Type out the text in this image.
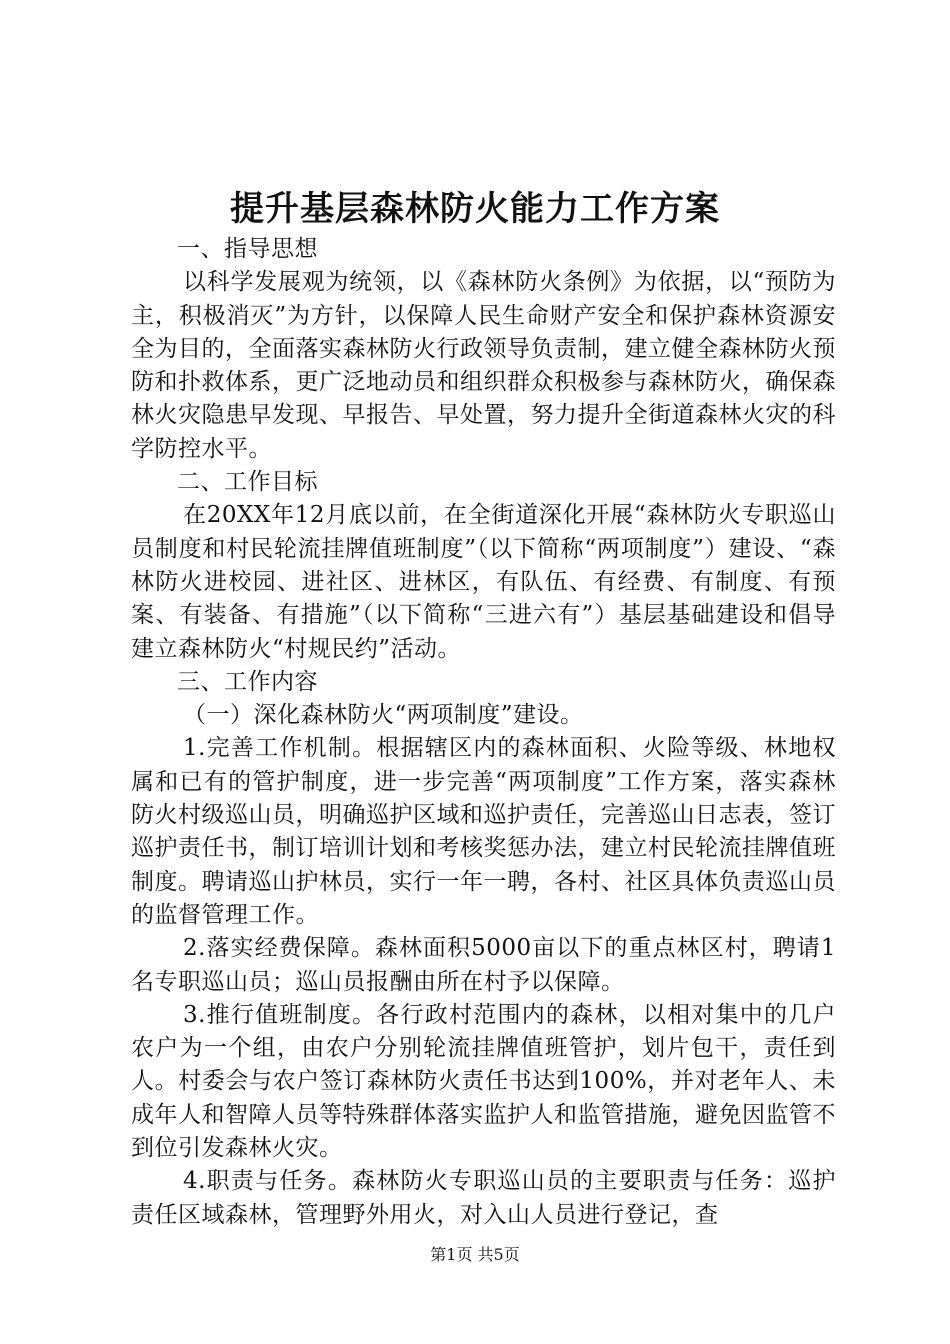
提升基层森林防火能力工作方案

一、指导思想

以科学发展观为统领，以《森林防火条例》为依据，以“预防为主，积极消灭”为方针，以保障人民生命财产安全和保护森林资源安全为目的，全面落实森林防火行政领导负责制，建立健全森林防火预防和扑救体系，更广泛地动员和组织群众积极参与森林防火，确保森林火灾隐患早发现、早报告、早处置，努力提升全街道森林火灾的科学防控水平。

二、工作目标

在20XX年12月底以前，在全街道深化开展“森林防火专职巡山员制度和村民轮流挂牌值班制度”（以下简称“两项制度”）建设、“森林防火进校园、进社区、进林区，有队伍、有经费、有制度、有预案、有装备、有措施”（以下简称“三进六有”）基层基础建设和倡导建立森林防火“村规民约”活动。

三、工作内容

（一）深化森林防火“两项制度”建设。

1.完善工作机制。根据辖区内的森林面积、火险等级、林地权属和已有的管护制度，进一步完善“两项制度”工作方案，落实森林防火村级巡山员，明确巡护区域和巡护责任，完善巡山日志表，签订巡护责任书，制订培训计划和考核奖惩办法，建立村民轮流挂牌值班制度。聘请巡山护林员，实行一年一聘，各村、社区具体负责巡山员的监督管理工作。

2.落实经费保障。森林面积5000亩以下的重点林区村，聘请1名专职巡山员；巡山员报酬由所在村予以保障。

3.推行值班制度。各行政村范围内的森林，以相对集中的几户农户为一个组，由农户分别轮流挂牌值班管护，划片包干，责任到人。村委会与农户签订森林防火责任书达到100%，并对老年人、未成年人和智障人员等特殊群体落实监护人和监管措施，避免因监管不到位引发森林火灾。

4.职责与任务。森林防火专职巡山员的主要职责与任务：巡护责任区域森林，管理野外用火，对入山人员进行登记，查

第1页 共5页
